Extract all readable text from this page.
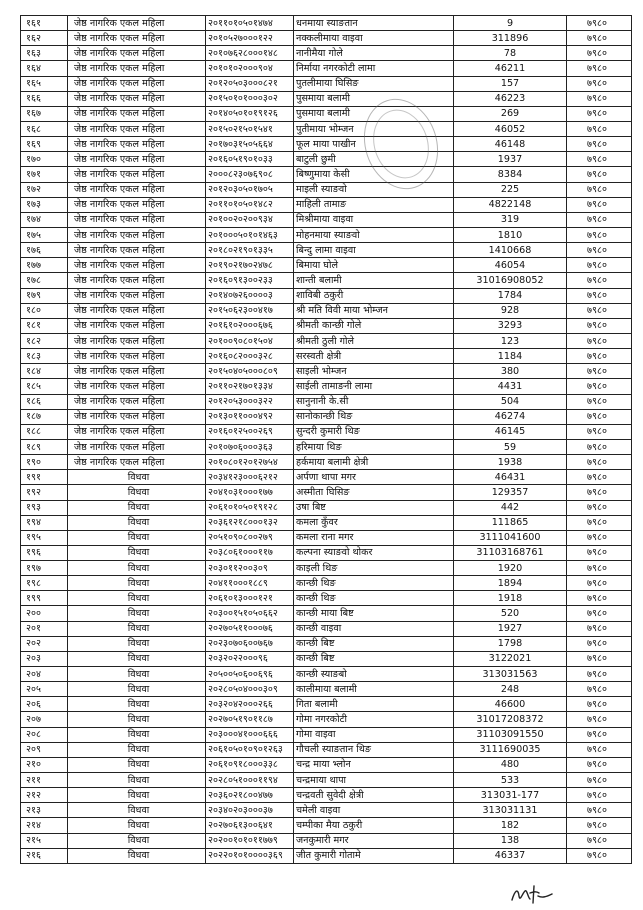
१६१	जेष्ठ नागरिक एकल महिला	२०११०१०५०१४७४	धनमाया स्याङतान	9	७९८०
१६२	जेष्ठ नागरिक एकल महिला	२०१०५२७०००१२२	नक्कलीमाया वाइवा	311896	७९८०
१६३	जेष्ठ नागरिक एकल महिला	२०१०७६२८०००१४८	नानीमैया गोले	78	७९८०
१६४	जेष्ठ नागरिक एकल महिला	२०१०१०२०००९०४	निर्माया नगरकोटी लामा	46211	७९८०
१६५	जेष्ठ नागरिक एकल महिला	२०१२०५०३०००८२१	पुतलीमाया घिसिङ	157	७९८०
१६६	जेष्ठ नागरिक एकल महिला	२०१५०१०१०००३०२	पुसमाया बलामी	46223	७९८०
१६७	जेष्ठ नागरिक एकल महिला	२०१४०५०१०१९१२६	पुसमाया बलामी	269	७९८०
१६८	जेष्ठ नागरिक एकल महिला	२०१५०२१५०१५४१	पुतीमाया भोम्जन	46052	७९८०
१६९	जेष्ठ नागरिक एकल महिला	२०१७०३१५०५६६४	फूल माया पाखीन	46148	७९८०
१७०	जेष्ठ नागरिक एकल महिला	२०१६०५१९०१०३३	बाटुली छुमी	1937	७९८०
१७१	जेष्ठ नागरिक एकल महिला	२०००८२३०७६९०८	बिष्णुमाया केसी	8384	७९८०
१७२	जेष्ठ नागरिक एकल महिला	२०१२०३०५०१७०५	माइली स्याङवो	225	७९८०
१७३	जेष्ठ नागरिक एकल महिला	२०११०१०५०१४८२	माहिली तामाङ	4822148	७९८०
१७४	जेष्ठ नागरिक एकल महिला	२०१००२०२००९३४	मिश्रीमाया वाइवा	319	७९८०
१७५	जेष्ठ नागरिक एकल महिला	२०१०००५०१०१४६३	मोहनमाया स्याङवो	1810	७९८०
१७६	जेष्ठ नागरिक एकल महिला	२०१८०२१९०१३३५	बिन्दु लामा वाइवा	1410668	७९८०
१७७	जेष्ठ नागरिक एकल महिला	२०१९०२१७०२४७८	बिमाया घोले	46054	७९८०
१७८	जेष्ठ नागरिक एकल महिला	२०१६०९१३००२३३	शान्ती बलामी	31016908052	७९८०
१७९	जेष्ठ नागरिक एकल महिला	२०१४०७२६००००३	शाविबी ठकुरी	1784	७९८०
१८०	जेष्ठ नागरिक एकल महिला	२०१५०६२३००४१७	श्री मति विवी माया भोम्जन	928	७९८०
१८१	जेष्ठ नागरिक एकल महिला	२०१६१०२०००६७६	श्रीमती कान्छी गोले	3293	७९८०
१८२	जेष्ठ नागरिक एकल महिला	२०१००९०८०१५०४	श्रीमती ठुली गोले	123	७९८०
१८३	जेष्ठ नागरिक एकल महिला	२०१६०८२०००३२८	सरस्वती क्षेत्री	1184	७९८०
१८४	जेष्ठ नागरिक एकल महिला	२०१५०४०५०००८०९	साइली भोम्जन	380	७९८०
१८५	जेष्ठ नागरिक एकल महिला	२०११०२१७०१३३४	साईली तामाङनी लामा	4431	७९८०
१८६	जेष्ठ नागरिक एकल महिला	२०१२०५३०००३२२	सानुनानी के.सी	504	७९८०
१८७	जेष्ठ नागरिक एकल महिला	२०१३०११०००४९२	सानोकान्छी थिङ	46274	७९८०
१८८	जेष्ठ नागरिक एकल महिला	२०१६०१२५००२६९	सुन्दरी कुमारी थिङ	46145	७९८०
१८९	जेष्ठ नागरिक एकल महिला	२०१०७०६०००३६३	हरिमाया थिङ	59	७९८०
१९०	जेष्ठ नागरिक एकल महिला	२०१०८०१२०१२७५४	हर्कमाया बलामी क्षेत्री	1938	७९८०
१९१	विधवा	२०३४१२३०००६२१२	अर्पणा थापा मगर	46431	७९८०
१९२	विधवा	२०४१०३१०००१७७	अस्मीता घिसिङ	129357	७९८०
१९३	विधवा	२०६१०१०५०१९१२८	उषा बिष्ट	442	७९८०
१९४	विधवा	२०३६१२१८०००१३२	कमला कुँवर	111865	७९८०
१९५	विधवा	२०५१०९०८००२७९	कमला राना मगर	3111041600	७९८०
१९६	विधवा	२०३८०६१०००११७	कल्पना स्याङवो थोकर	31103168761	७९८०
१९७	विधवा	२०३०११२००३०९	काइली थिङ	1920	७९८०
१९८	विधवा	२०४११०००१८८९	कान्छी थिङ	1894	७९८०
१९९	विधवा	२०६१०१३०००१२१	कान्छी थिङ	1918	७९८०
२००	विधवा	२०३००१५१०५०६६२	कान्छी माया बिष्ट	520	७९८०
२०१	विधवा	२०२७०५११०००७६	कान्छी वाइवा	1927	७९८०
२०२	विधवा	२०२३०७०६००७६७	कान्छी बिष्ट	1798	७९८०
२०३	विधवा	२०३२०२२०००९६	कान्छी बिष्ट	3122021	७९८०
२०४	विधवा	२०५००५०६००६९६	कान्छी स्याङबो	313031563	७९८०
२०५	विधवा	२०२८०५०४०००३०९	कालीमाया बलामी	248	७९८०
२०६	विधवा	२०३२०४२०००२६६	गिता बलामी	46600	७९८०
२०७	विधवा	२०२७०५१९०११८७	गोमा नगरकोटी	31017208372	७९८०
२०८	विधवा	२०३०००४१०००६६६	गोमा वाइवा	31103091550	७९८०
२०९	विधवा	२०६१०५०१०९०१२६३	गौचली स्याङतान थिङ	3111690035	७९८०
२१०	विधवा	२०६१०९१८०००३३८	चन्द्र माया भ्लोन	480	७९८०
२११	विधवा	२०२८०५१०००११९४	चन्द्रमाया थापा	533	७९८०
२१२	विधवा	२०३६०२१८००४७७	चन्द्रवती सुवेदी क्षेत्री	313031-177	७९८०
२१३	विधवा	२०३४०२०३०००३७	चमेली वाइवा	313031131	७९८०
२१४	विधवा	२०२७०६१३००६४१	चम्पीका मैया ठकुरी	182	७९८०
२१५	विधवा	२०२००१०१०११७७९	जनकुमारी मगर	138	७९८०
२१६	विधवा	२०२२०१०१००००३६९	जीत कुमारी गोतामे	46337	७९८०
